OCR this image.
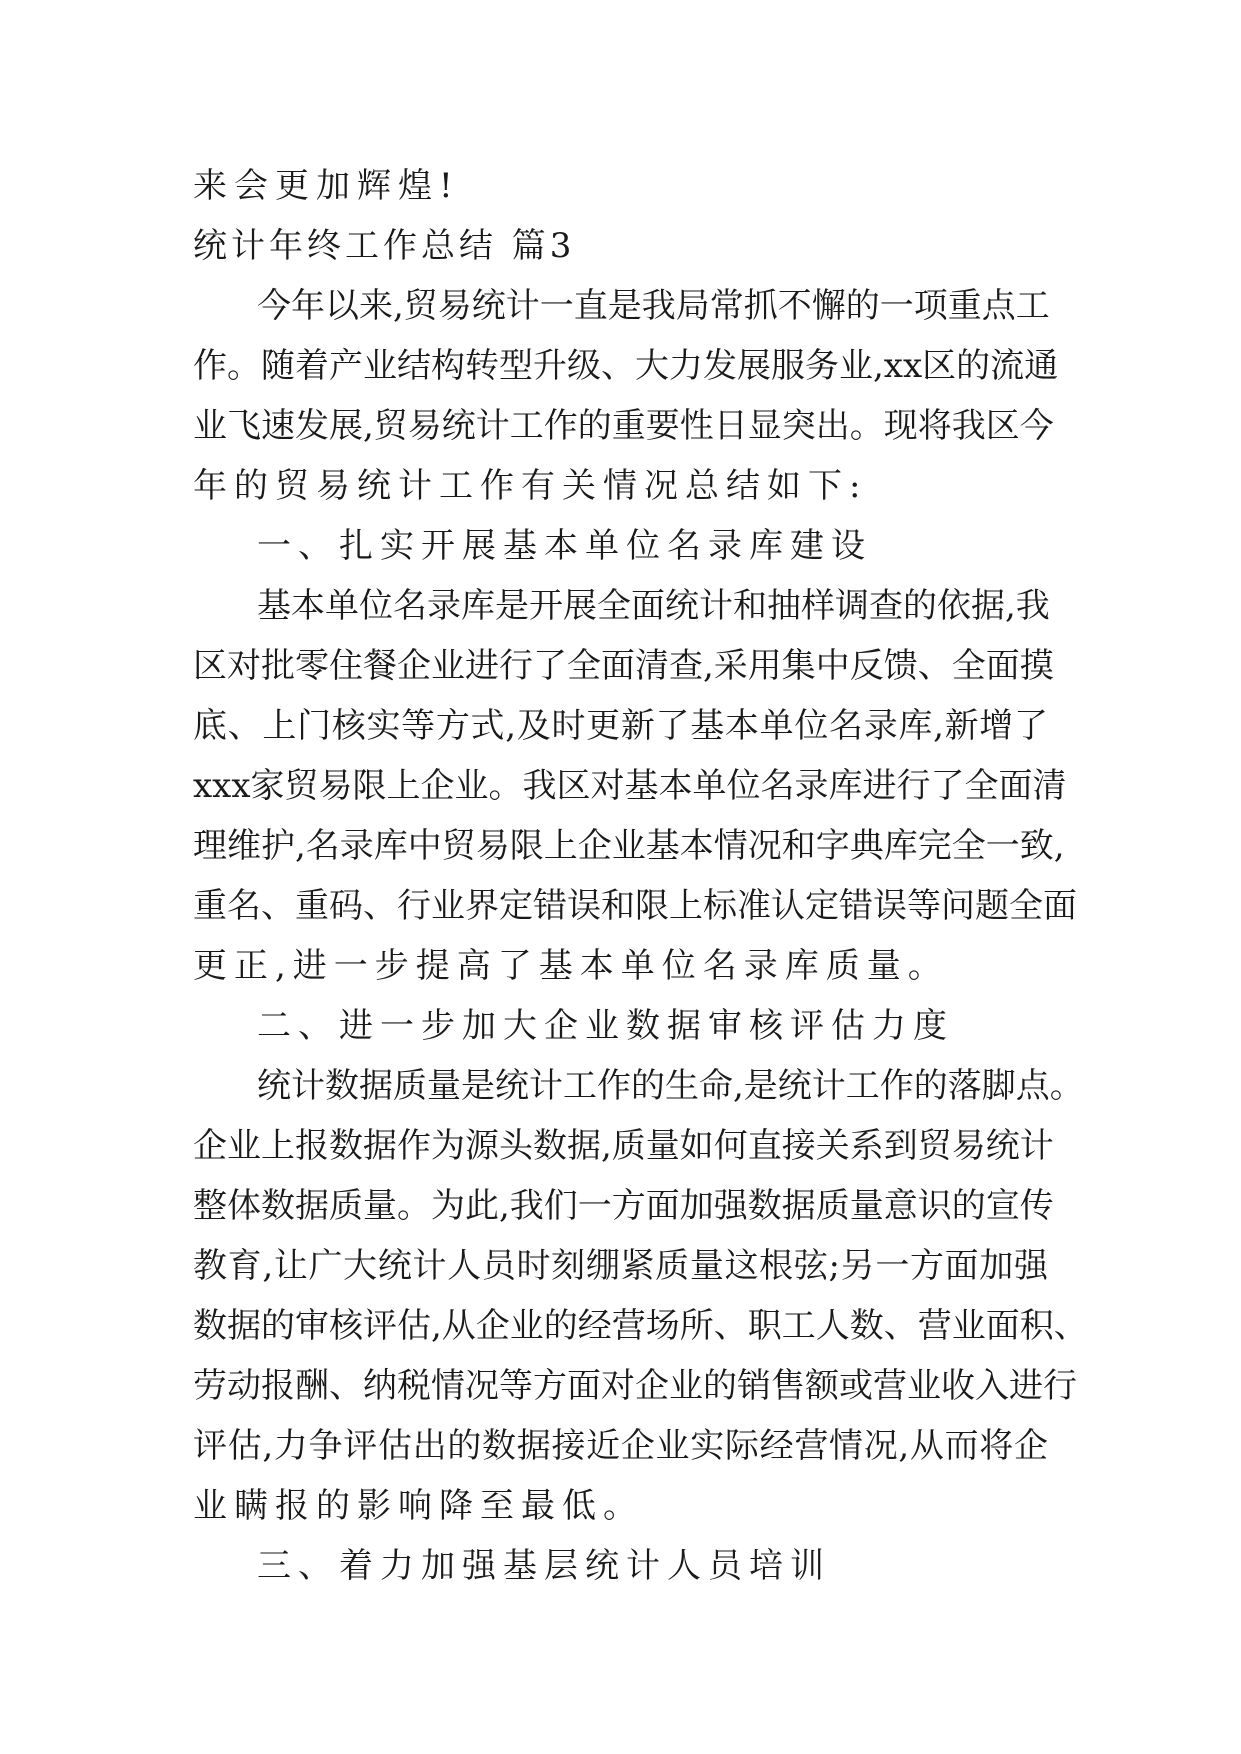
来会更加辉煌!
统计年终工作总结 篇3
今年以来,贸易统计一直是我局常抓不懈的一项重点工
作。随着产业结构转型升级、大力发展服务业,xx区的流通
业飞速发展,贸易统计工作的重要性日显突出。现将我区今
年的贸易统计工作有关情况总结如下:
一、扎实开展基本单位名录库建设
基本单位名录库是开展全面统计和抽样调查的依据,我
区对批零住餐企业进行了全面清查,采用集中反馈、全面摸
底、上门核实等方式,及时更新了基本单位名录库,新增了
xxx家贸易限上企业。我区对基本单位名录库进行了全面清
理维护,名录库中贸易限上企业基本情况和字典库完全一致,
重名、重码、行业界定错误和限上标准认定错误等问题全面
更正,进一步提高了基本单位名录库质量。
二、进一步加大企业数据审核评估力度
统计数据质量是统计工作的生命,是统计工作的落脚点。
企业上报数据作为源头数据,质量如何直接关系到贸易统计
整体数据质量。为此,我们一方面加强数据质量意识的宣传
教育,让广大统计人员时刻绷紧质量这根弦;另一方面加强
数据的审核评估,从企业的经营场所、职工人数、营业面积、
劳动报酬、纳税情况等方面对企业的销售额或营业收入进行
评估,力争评估出的数据接近企业实际经营情况,从而将企
业瞒报的影响降至最低。
三、着力加强基层统计人员培训
